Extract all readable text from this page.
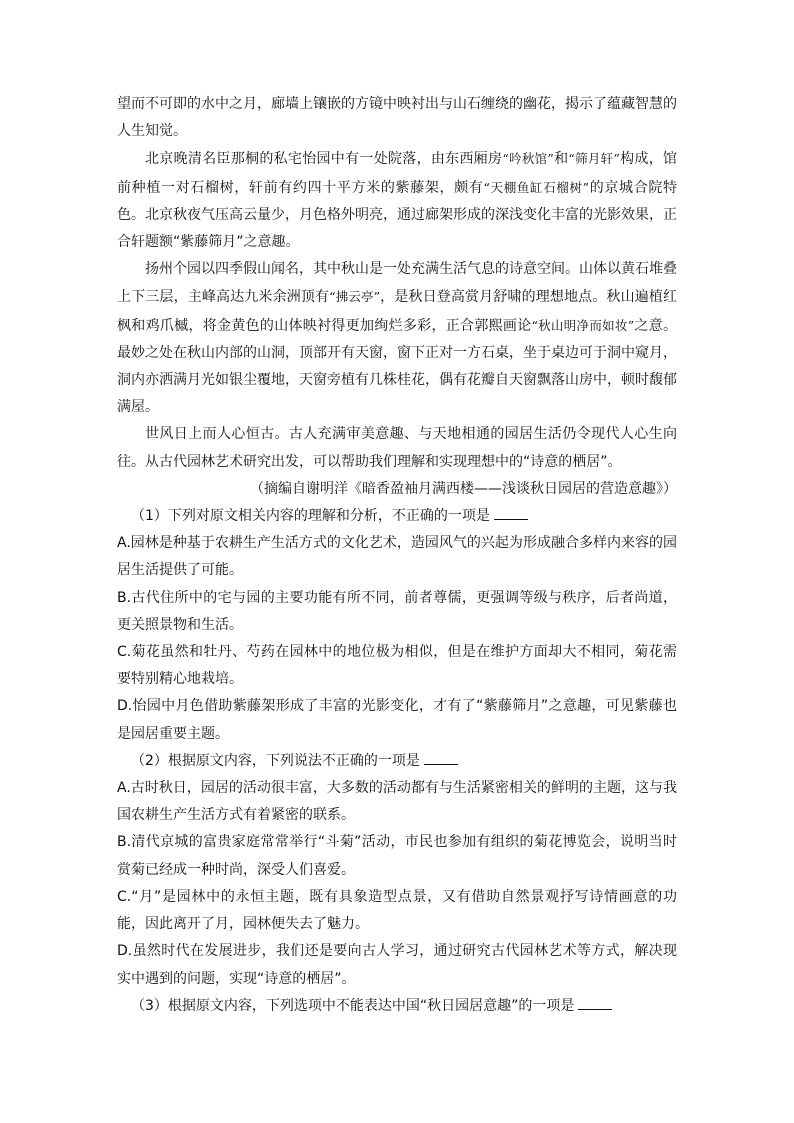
望而不可即的水中之月，廊墙上镶嵌的方镜中映衬出与山石缠绕的幽花，揭示了蕴藏智慧的人生知觉。

北京晚清名臣那桐的私宅怡园中有一处院落，由东西厢房“吟秋馆”和“筛月轩”构成，馆前种植一对石榴树，轩前有约四十平方米的紫藤架，颇有“天棚鱼缸石榴树”的京城合院特色。北京秋夜气压高云量少，月色格外明亮，通过廊架形成的深浅变化丰富的光影效果，正合轩题额“紫藤筛月”之意趣。

扬州个园以四季假山闻名，其中秋山是一处充满生活气息的诗意空间。山体以黄石堆叠上下三层，主峰高达九米余洲顶有“拂云亭”，是秋日登高赏月舒啸的理想地点。秋山遍植红枫和鸡爪槭，将金黄色的山体映衬得更加绚烂多彩，正合郭熙画论“秋山明净而如妆”之意。最妙之处在秋山内部的山洞，顶部开有天窗，窗下正对一方石桌，坐于桌边可于洞中窥月，洞内亦洒满月光如银尘覆地，天窗旁植有几株桂花，偶有花瓣自天窗飘落山房中，顿时馥郁满屋。

世风日上而人心恒古。古人充满审美意趣、与天地相通的园居生活仍令现代人心生向往。从古代园林艺术研究出发，可以帮助我们理解和实现理想中的“诗意的栖居”。

（摘编自谢明洋《暗香盈袖月满西楼——浅谈秋日园居的营造意趣》）

（1）下列对原文相关内容的理解和分析，不正确的一项是

A.园林是种基于农耕生产生活方式的文化艺术，造园风气的兴起为形成融合多样内来容的园居生活提供了可能。

B.古代住所中的宅与园的主要功能有所不同，前者尊儒，更强调等级与秩序，后者尚道，更关照景物和生活。

C.菊花虽然和牡丹、芍药在园林中的地位极为相似，但是在维护方面却大不相同，菊花需要特别精心地栽培。

D.怡园中月色借助紫藤架形成了丰富的光影变化，才有了“紫藤筛月”之意趣，可见紫藤也是园居重要主题。

（2）根据原文内容，下列说法不正确的一项是

A.古时秋日，园居的活动很丰富，大多数的活动都有与生活紧密相关的鲜明的主题，这与我国农耕生产生活方式有着紧密的联系。

B.清代京城的富贵家庭常常举行“斗菊”活动，市民也参加有组织的菊花博览会，说明当时赏菊已经成一种时尚，深受人们喜爱。

C.“月”是园林中的永恒主题，既有具象造型点景，又有借助自然景观抒写诗情画意的功能，因此离开了月，园林便失去了魅力。

D.虽然时代在发展进步，我们还是要向古人学习，通过研究古代园林艺术等方式，解决现实中遇到的问题，实现“诗意的栖居”。

（3）根据原文内容，下列选项中不能表达中国“秋日园居意趣”的一项是
